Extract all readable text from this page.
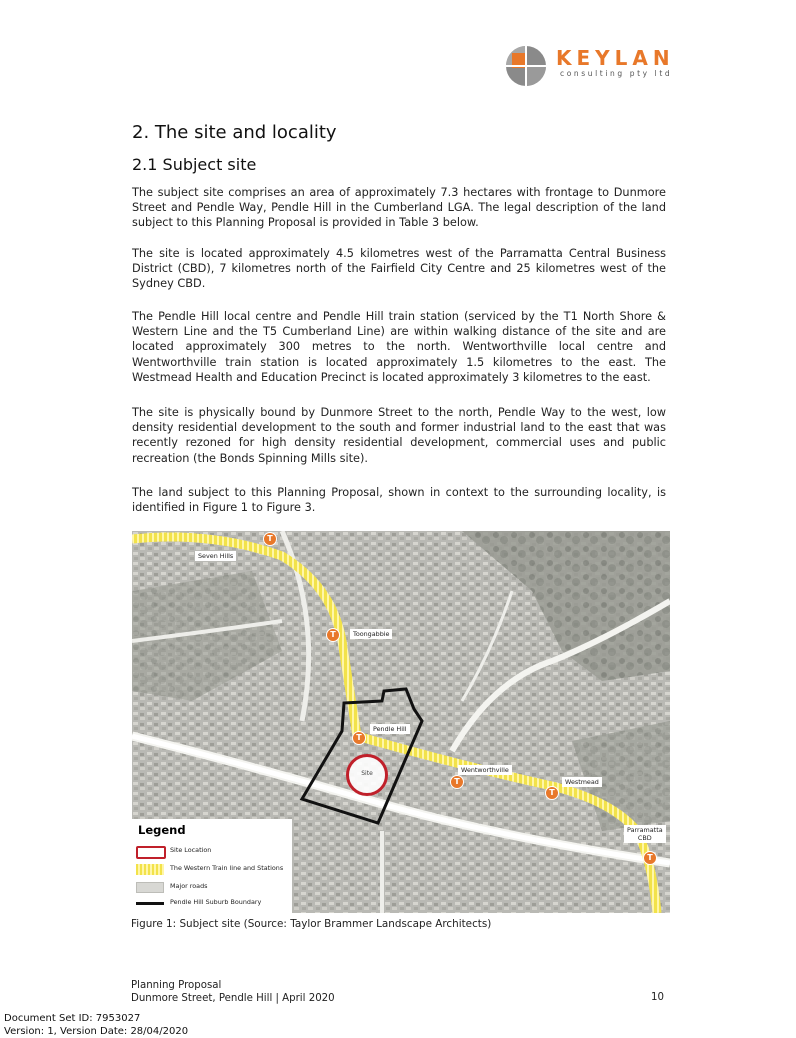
KEYLAN
consulting pty ltd
2. The site and locality
2.1 Subject site

The subject site comprises an area of approximately 7.3 hectares with frontage to Dunmore Street and Pendle Way, Pendle Hill in the Cumberland LGA. The legal description of the land subject to this Planning Proposal is provided in Table 3 below.

The site is located approximately 4.5 kilometres west of the Parramatta Central Business District (CBD), 7 kilometres north of the Fairfield City Centre and 25 kilometres west of the Sydney CBD.

The Pendle Hill local centre and Pendle Hill train station (serviced by the T1 North Shore & Western Line and the T5 Cumberland Line) are within walking distance of the site and are located approximately 300 metres to the north. Wentworthville local centre and Wentworthville train station is located approximately 1.5 kilometres to the east. The Westmead Health and Education Precinct is located approximately 3 kilometres to the east.

The site is physically bound by Dunmore Street to the north, Pendle Way to the west, low density residential development to the south and former industrial land to the east that was recently rezoned for high density residential development, commercial uses and public recreation (the Bonds Spinning Mills site).

The land subject to this Planning Proposal, shown in context to the surrounding locality, is identified in Figure 1 to Figure 3.

T
T
T
T
T
T
Seven Hills
Toongabbie
Pendle Hill
Wentworthville
Westmead
Parramatta
CBD
Site
Legend
Site Location
The Western Train line and Stations
Major roads
Pendle Hill Suburb Boundary
Figure 1: Subject site (Source: Taylor Brammer Landscape Architects)
Planning Proposal
Dunmore Street, Pendle Hill | April 2020	10
Document Set ID: 7953027
Version: 1, Version Date: 28/04/2020
